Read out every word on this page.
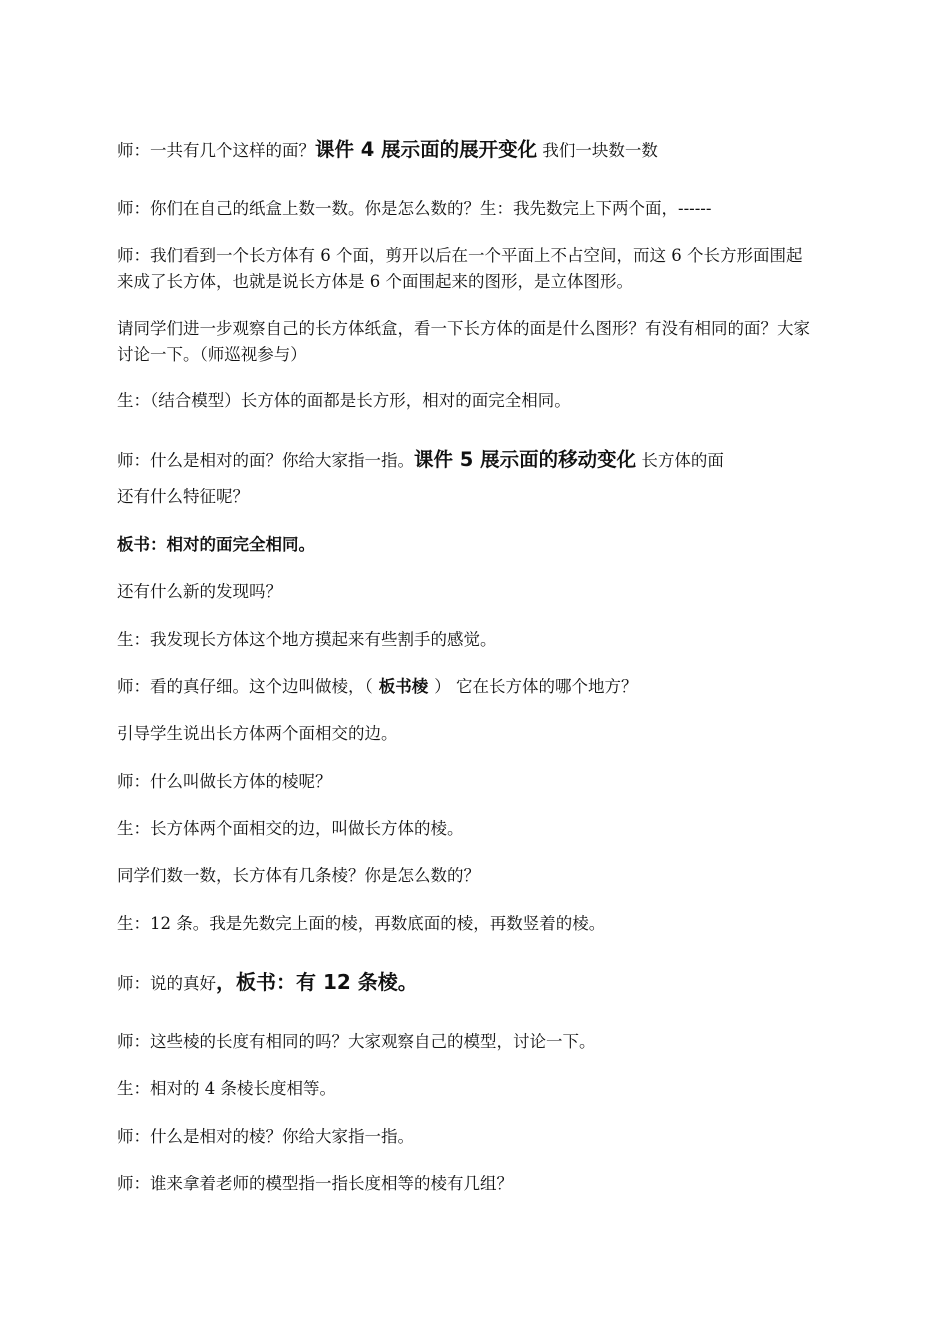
师：一共有几个这样的面？课件 4 展示面的展开变化 我们一块数一数

师：你们在自己的纸盒上数一数。你是怎么数的？生：我先数完上下两个面，------

师：我们看到一个长方体有 6 个面，剪开以后在一个平面上不占空间，而这 6 个长方形面围起来成了长方体，也就是说长方体是 6 个面围起来的图形，是立体图形。

请同学们进一步观察自己的长方体纸盒，看一下长方体的面是什么图形？有没有相同的面？大家讨论一下。（师巡视参与）

生：（结合模型）长方体的面都是长方形，相对的面完全相同。

师：什么是相对的面？你给大家指一指。课件 5 展示面的移动变化 长方体的面

还有什么特征呢？

板书：相对的面完全相同。

还有什么新的发现吗？

生：我发现长方体这个地方摸起来有些割手的感觉。

师：看的真仔细。这个边叫做棱，（ 板书棱 ） 它在长方体的哪个地方？

引导学生说出长方体两个面相交的边。

师：什么叫做长方体的棱呢？

生：长方体两个面相交的边，叫做长方体的棱。

同学们数一数，长方体有几条棱？你是怎么数的？

生：12 条。我是先数完上面的棱，再数底面的棱，再数竖着的棱。

师：说的真好，板书：有 12 条棱。

师：这些棱的长度有相同的吗？大家观察自己的模型，讨论一下。

生：相对的 4 条棱长度相等。

师：什么是相对的棱？你给大家指一指。

师：谁来拿着老师的模型指一指长度相等的棱有几组？
